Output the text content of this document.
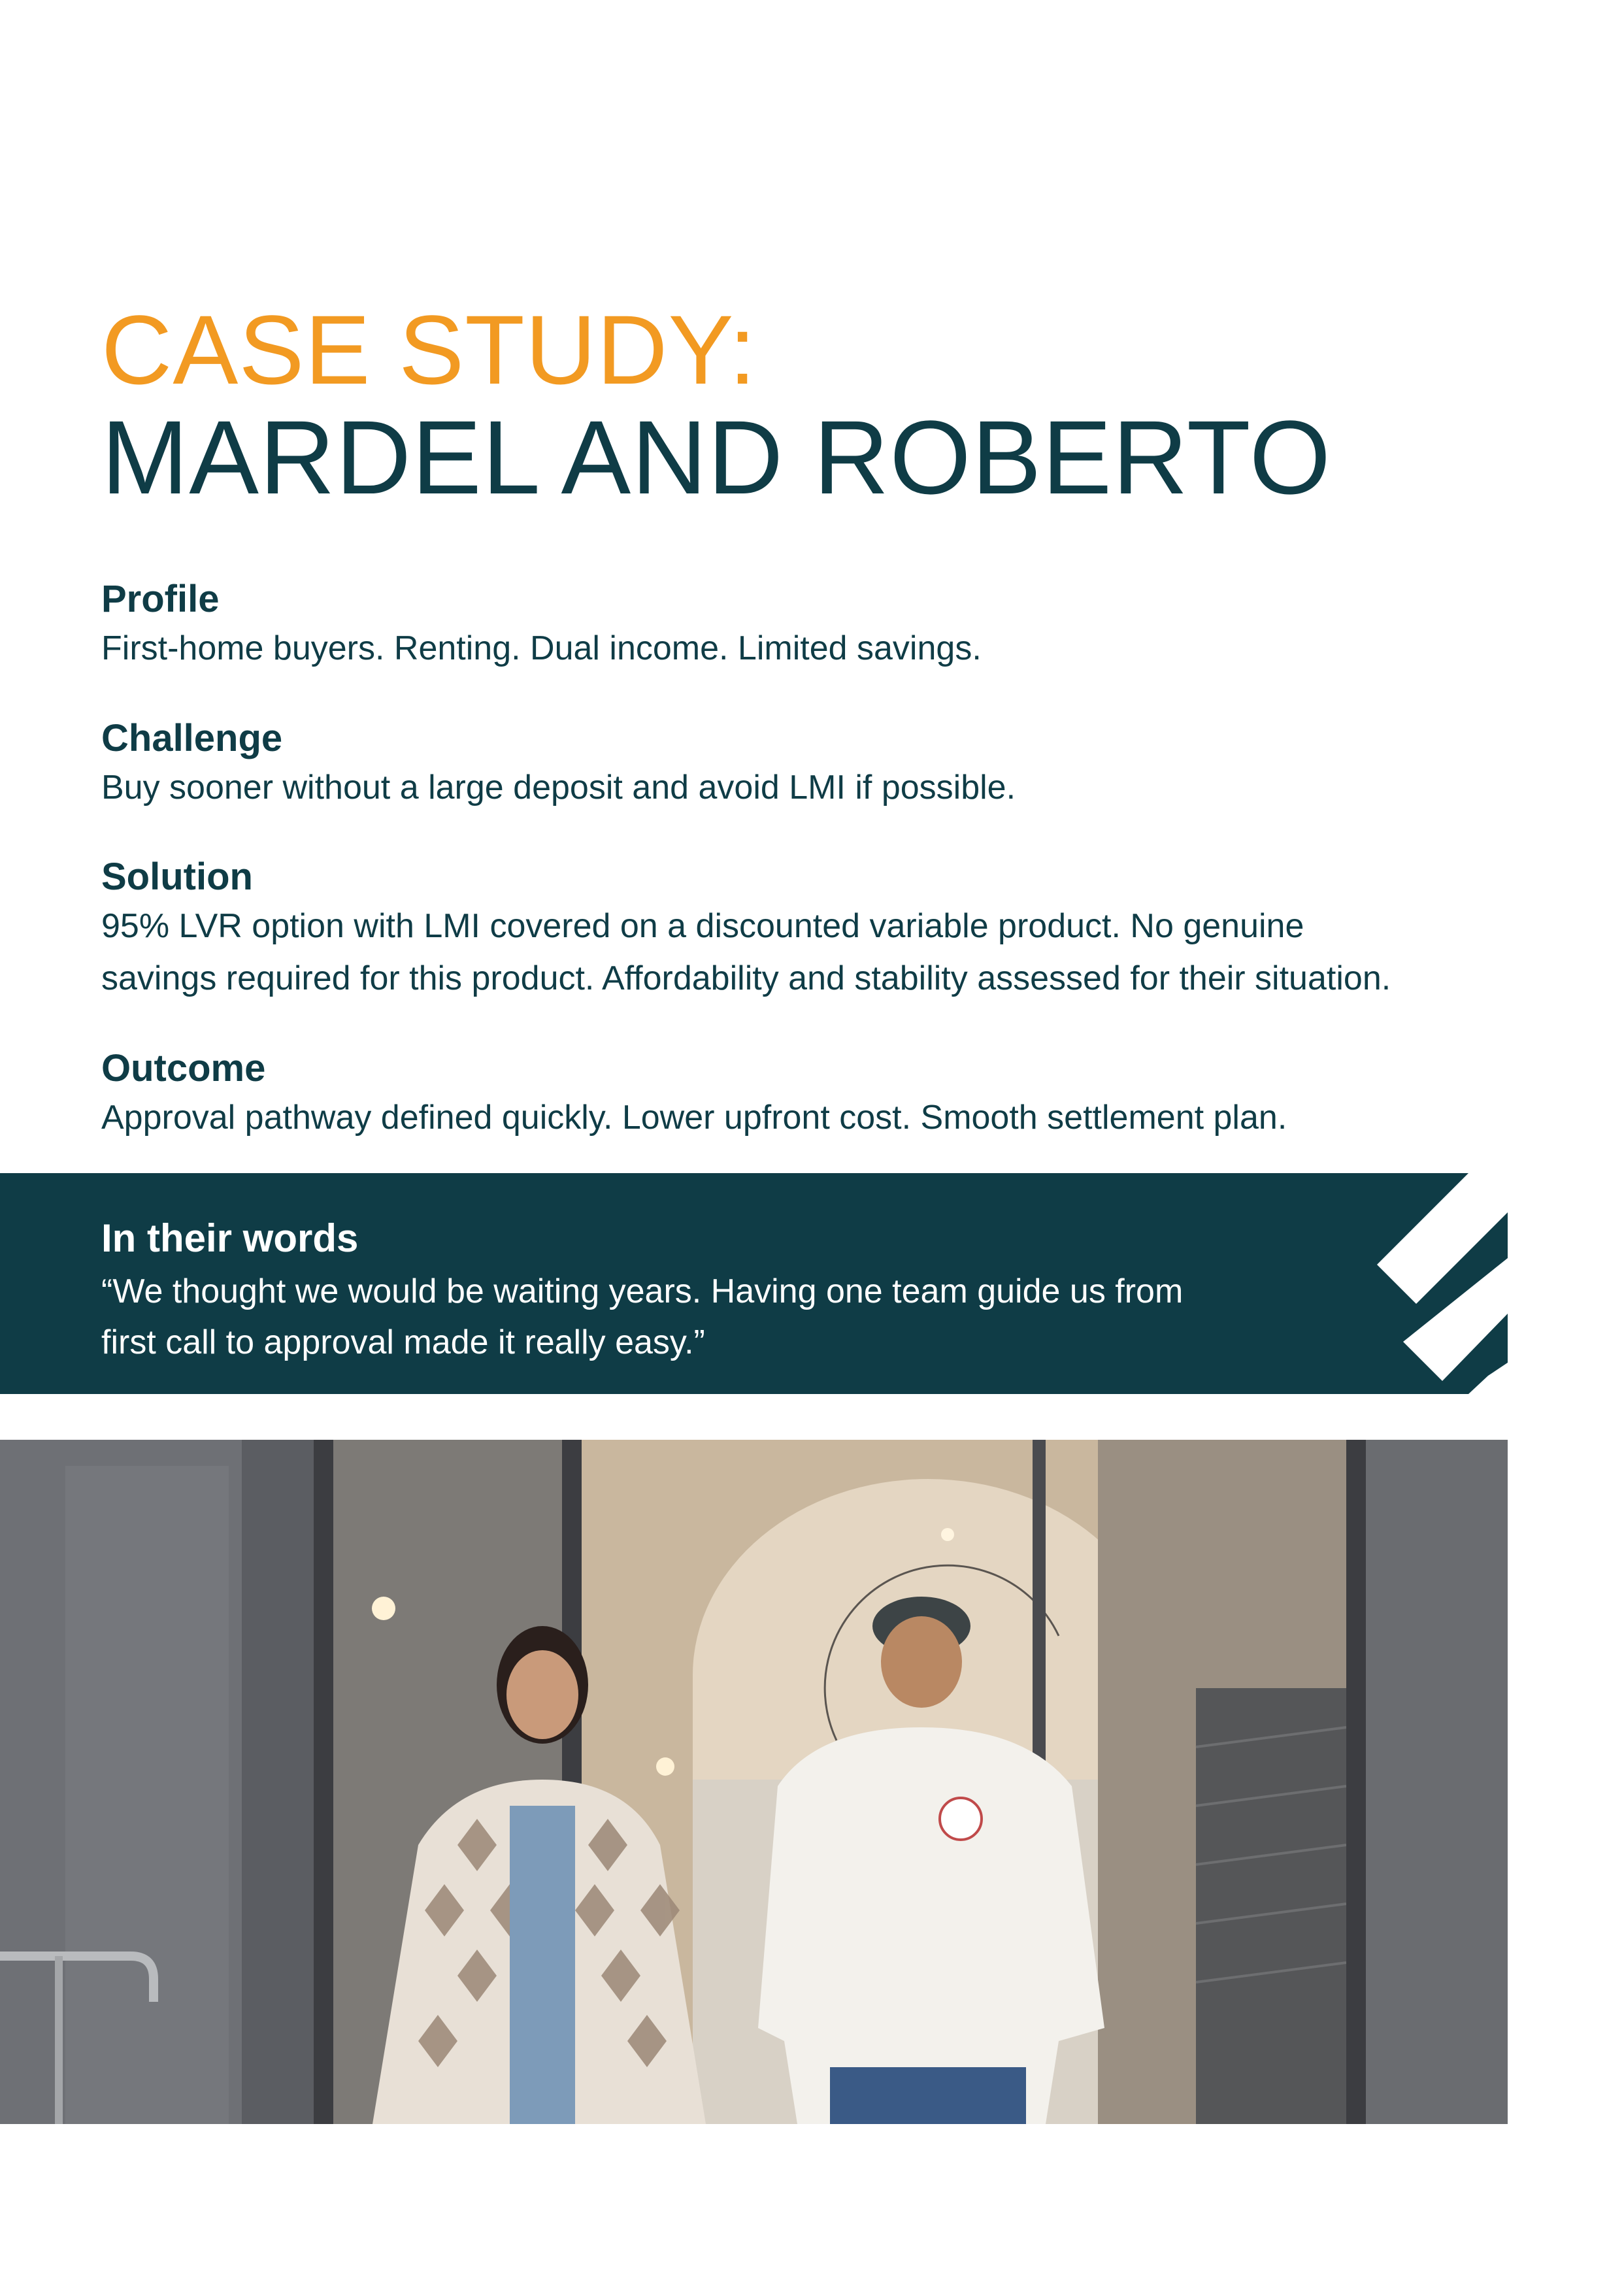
CASE STUDY:
MARDEL AND ROBERTO
Profile

First-home buyers. Renting. Dual income. Limited savings.

Challenge

Buy sooner without a large deposit and avoid LMI if possible.

Solution

95% LVR option with LMI covered on a discounted variable product. No genuine

savings required for this product. Affordability and stability assessed for their situation.

Outcome

Approval pathway defined quickly. Lower upfront cost. Smooth settlement plan.

In their words

“We thought we would be waiting years. Having one team guide us from
first call to approval made it really easy.”
